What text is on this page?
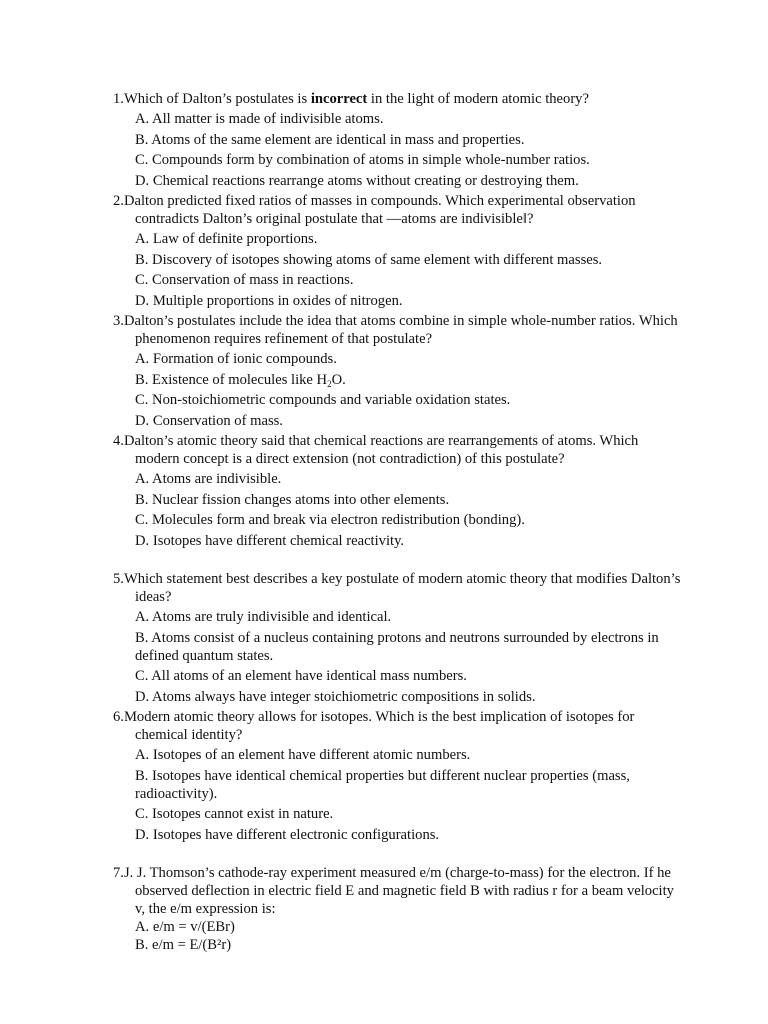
1.Which of Dalton’s postulates is incorrect in the light of modern atomic theory?
A. All matter is made of indivisible atoms.
B. Atoms of the same element are identical in mass and properties.
C. Compounds form by combination of atoms in simple whole-number ratios.
D. Chemical reactions rearrange atoms without creating or destroying them.
2.Dalton predicted fixed ratios of masses in compounds. Which experimental observation contradicts Dalton’s original postulate that ―atoms are indivisible‖?
A. Law of definite proportions.
B. Discovery of isotopes showing atoms of same element with different masses.
C. Conservation of mass in reactions.
D. Multiple proportions in oxides of nitrogen.
3.Dalton’s postulates include the idea that atoms combine in simple whole-number ratios. Which phenomenon requires refinement of that postulate?
A. Formation of ionic compounds.
B. Existence of molecules like $H_2O$.
C. Non-stoichiometric compounds and variable oxidation states.
D. Conservation of mass.
4.Dalton’s atomic theory said that chemical reactions are rearrangements of atoms. Which modern concept is a direct extension (not contradiction) of this postulate?
A. Atoms are indivisible.
B. Nuclear fission changes atoms into other elements.
C. Molecules form and break via electron redistribution (bonding).
D. Isotopes have different chemical reactivity.
5.Which statement best describes a key postulate of modern atomic theory that modifies Dalton’s ideas?
A. Atoms are truly indivisible and identical.
B. Atoms consist of a nucleus containing protons and neutrons surrounded by electrons in defined quantum states.
C. All atoms of an element have identical mass numbers.
D. Atoms always have integer stoichiometric compositions in solids.
6.Modern atomic theory allows for isotopes. Which is the best implication of isotopes for chemical identity?
A. Isotopes of an element have different atomic numbers.
B. Isotopes have identical chemical properties but different nuclear properties (mass, radioactivity).
C. Isotopes cannot exist in nature.
D. Isotopes have different electronic configurations.
7.J. J. Thomson’s cathode-ray experiment measured e/m (charge-to-mass) for the electron. If he observed deflection in electric field E and magnetic field B with radius r for a beam velocity v, the e/m expression is:
A. e/m = v/(EBr)
B. e/m = E/(B²r)
